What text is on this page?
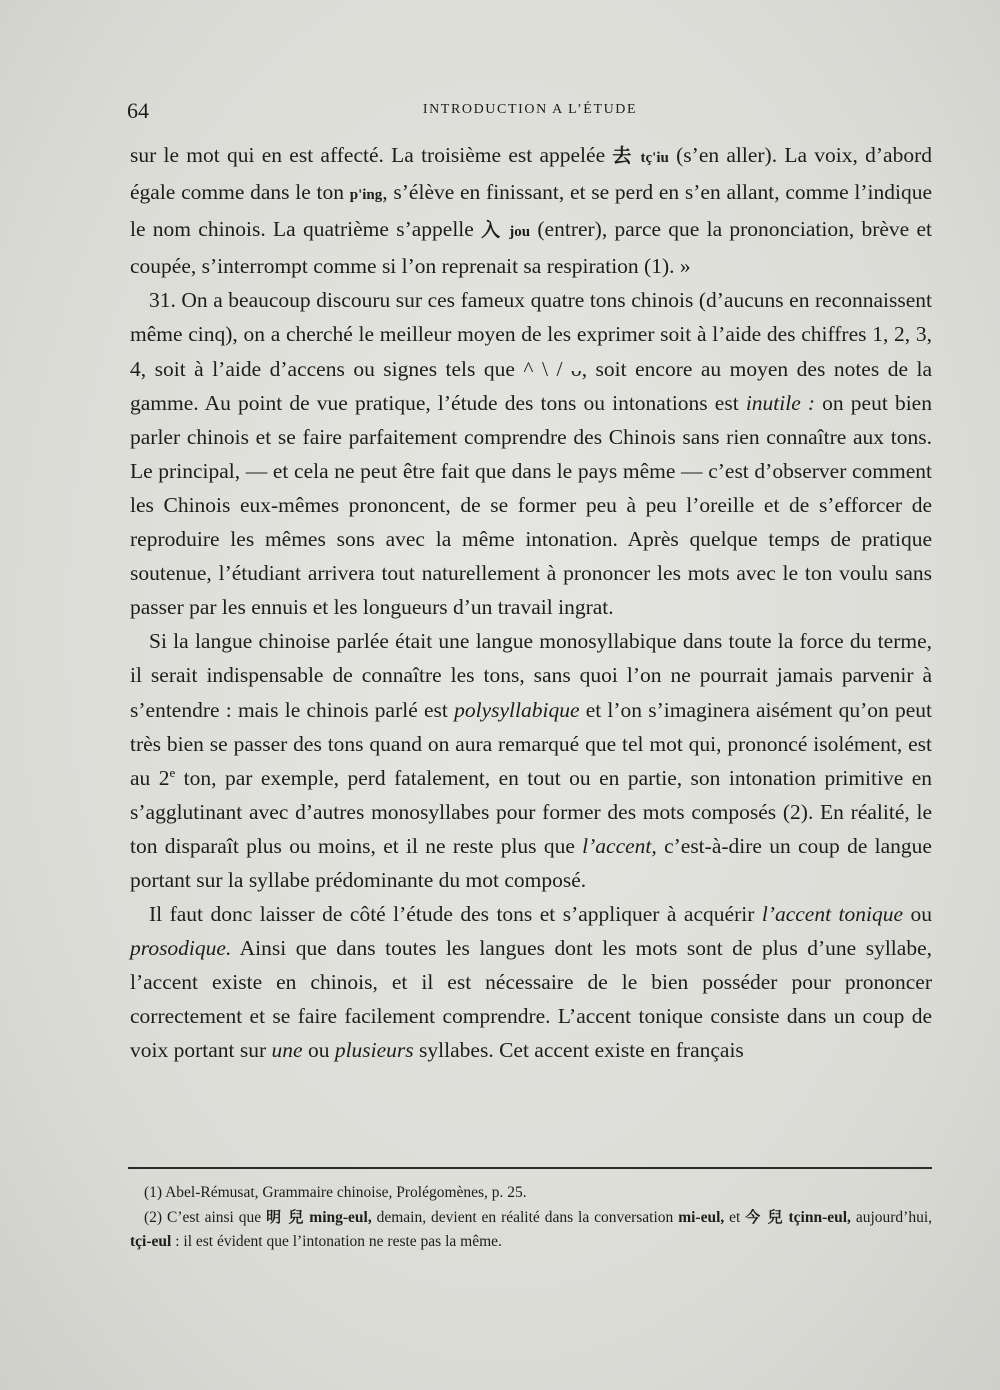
64	INTRODUCTION A L’ÉTUDE

sur le mot qui en est affecté. La troisième est appelée 去 tç'iu (s’en aller). La voix, d’abord égale comme dans le ton p'ing, s’élève en finissant, et se perd en s’en allant, comme l’indique le nom chinois. La quatrième s’appelle 入 jou (entrer), parce que la prononciation, brève et coupée, s’interrompt comme si l’on reprenait sa respiration (1). »

31. On a beaucoup discouru sur ces fameux quatre tons chinois (d’aucuns en reconnaissent même cinq), on a cherché le meilleur moyen de les exprimer soit à l’aide des chiffres 1, 2, 3, 4, soit à l’aide d’accens ou signes tels que ^ \ / ᴗ, soit encore au moyen des notes de la gamme. Au point de vue pratique, l’étude des tons ou intonations est inutile : on peut bien parler chinois et se faire parfaitement comprendre des Chinois sans rien connaître aux tons. Le principal, — et cela ne peut être fait que dans le pays même — c’est d’observer comment les Chinois eux-mêmes prononcent, de se former peu à peu l’oreille et de s’efforcer de reproduire les mêmes sons avec la même intonation. Après quelque temps de pratique soutenue, l’étudiant arrivera tout naturellement à prononcer les mots avec le ton voulu sans passer par les ennuis et les longueurs d’un travail ingrat.

Si la langue chinoise parlée était une langue monosyllabique dans toute la force du terme, il serait indispensable de connaître les tons, sans quoi l’on ne pourrait jamais parvenir à s’entendre : mais le chinois parlé est polysyllabique et l’on s’imaginera aisément qu’on peut très bien se passer des tons quand on aura remarqué que tel mot qui, prononcé isolément, est au 2e ton, par exemple, perd fatalement, en tout ou en partie, son intonation primitive en s’agglutinant avec d’autres monosyllabes pour former des mots composés (2). En réalité, le ton disparaît plus ou moins, et il ne reste plus que l’accent, c’est-à-dire un coup de langue portant sur la syllabe prédominante du mot composé.

Il faut donc laisser de côté l’étude des tons et s’appliquer à acquérir l’accent tonique ou prosodique. Ainsi que dans toutes les langues dont les mots sont de plus d’une syllabe, l’accent existe en chinois, et il est nécessaire de le bien posséder pour prononcer correctement et se faire facilement comprendre. L’accent tonique consiste dans un coup de voix portant sur une ou plusieurs syllabes. Cet accent existe en français

(1) Abel-Rémusat, Grammaire chinoise, Prolégomènes, p. 25.

(2) C’est ainsi que 明 兒 ming-eul, demain, devient en réalité dans la conversation mi-eul, et 今 兒 tçinn-eul, aujourd’hui, tçi-eul : il est évident que l’intonation ne reste pas la même.
